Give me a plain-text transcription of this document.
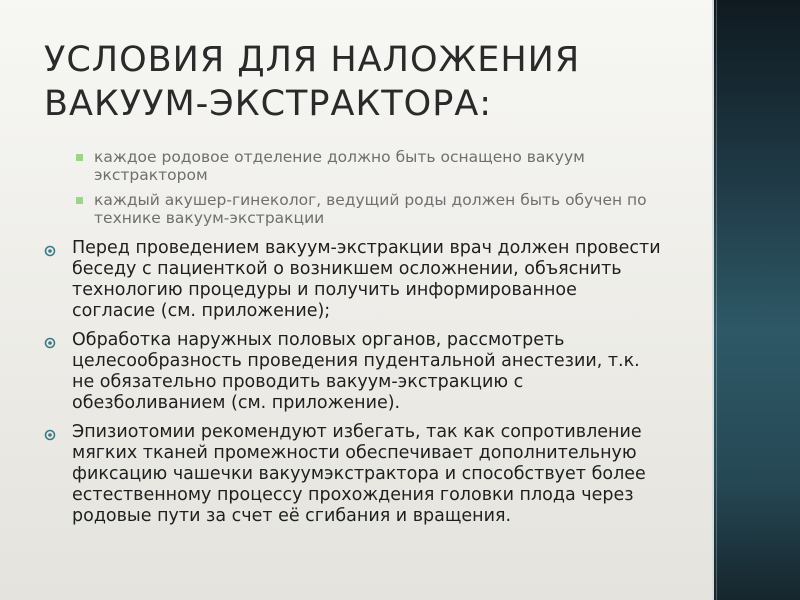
УСЛОВИЯ ДЛЯ НАЛОЖЕНИЯ
ВАКУУМ-ЭКСТРАКТОРА:
каждое родовое отделение должно быть оснащено вакуум экстрактором
каждый акушер-гинеколог, ведущий роды должен быть обучен по технике вакуум-экстракции
Перед проведением вакуум-экстракции врач должен провести беседу с пациенткой о возникшем осложнении, объяснить технологию процедуры и получить информированное согласие (см. приложение);
Обработка наружных половых органов, рассмотреть целесообразность проведения пудентальной анестезии, т.к. не обязательно проводить вакуум-экстракцию с обезболиванием (см. приложение).
Эпизиотомии рекомендуют избегать, так как сопротивление мягких тканей промежности обеспечивает дополнительную фиксацию чашечки вакуумэкстрактора и способствует более естественному процессу прохождения головки плода через родовые пути за счет её сгибания и вращения.
